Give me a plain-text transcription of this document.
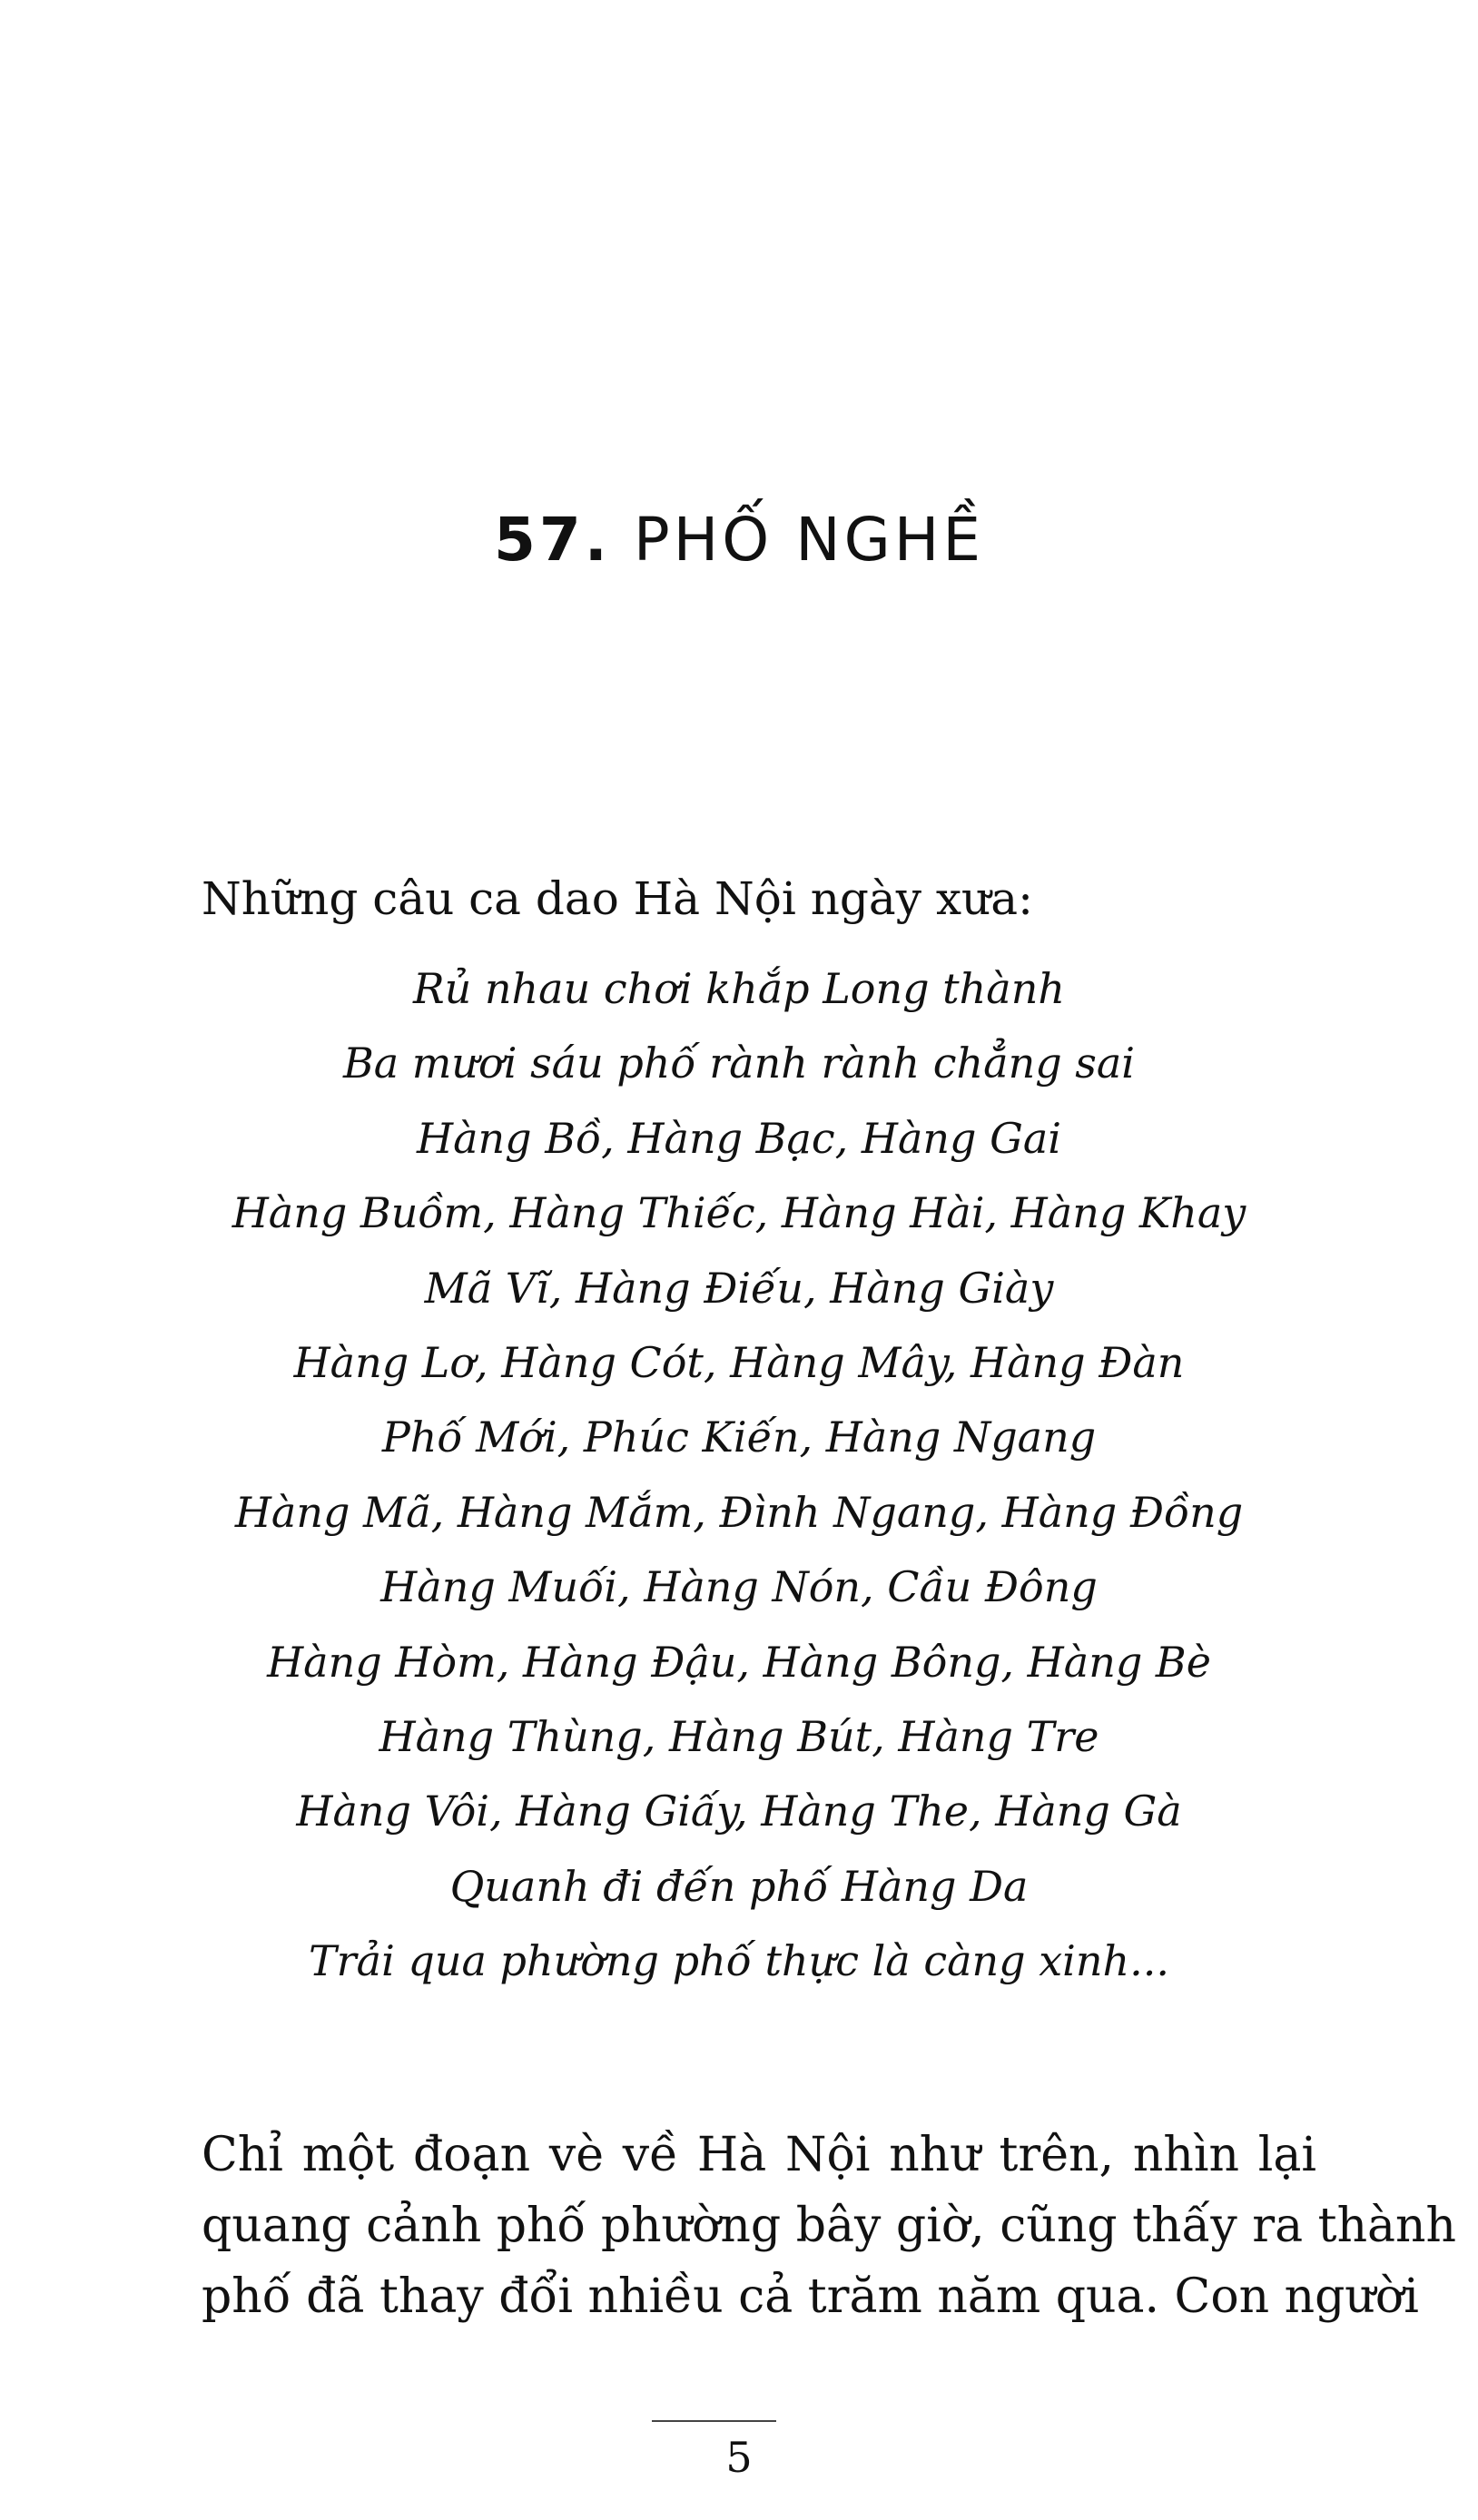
57. PHỐ NGHỀ

Những câu ca dao Hà Nội ngày xưa:

Rủ nhau chơi khắp Long thành
Ba mươi sáu phố rành rành chẳng sai
Hàng Bồ, Hàng Bạc, Hàng Gai
Hàng Buồm, Hàng Thiếc, Hàng Hài, Hàng Khay
Mã Vĩ, Hàng Điếu, Hàng Giày
Hàng Lơ, Hàng Cót, Hàng Mây, Hàng Đàn
Phố Mới, Phúc Kiến, Hàng Ngang
Hàng Mã, Hàng Mắm, Đình Ngang, Hàng Đồng
Hàng Muối, Hàng Nón, Cầu Đông
Hàng Hòm, Hàng Đậu, Hàng Bông, Hàng Bè
Hàng Thùng, Hàng Bút, Hàng Tre
Hàng Vôi, Hàng Giấy, Hàng The, Hàng Gà
Quanh đi đến phố Hàng Da
Trải qua phường phố thực là càng xinh...
Chỉ một đoạn vè về Hà Nội như trên, nhìn lại
quang cảnh phố phường bây giờ, cũng thấy ra thành
phố đã thay đổi nhiều cả trăm năm qua. Con người

5
